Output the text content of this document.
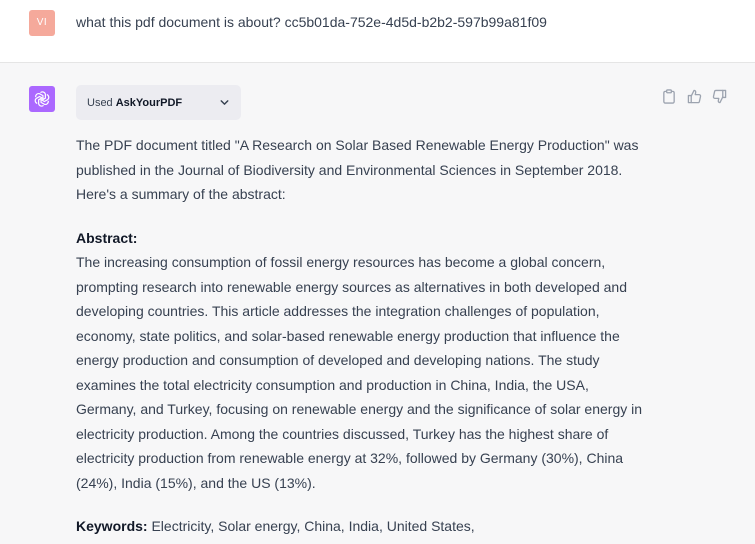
VI	what this pdf document is about? cc5b01da-752e-4d5d-b2b2-597b99a81f09
Used AskYourPDF

The PDF document titled "A Research on Solar Based Renewable Energy Production" was

published in the Journal of Biodiversity and Environmental Sciences in September 2018.

Here's a summary of the abstract:

Abstract:

The increasing consumption of fossil energy resources has become a global concern,

prompting research into renewable energy sources as alternatives in both developed and

developing countries. This article addresses the integration challenges of population,

economy, state politics, and solar-based renewable energy production that influence the

energy production and consumption of developed and developing nations. The study

examines the total electricity consumption and production in China, India, the USA,

Germany, and Turkey, focusing on renewable energy and the significance of solar energy in

electricity production. Among the countries discussed, Turkey has the highest share of

electricity production from renewable energy at 32%, followed by Germany (30%), China

(24%), India (15%), and the US (13%).

Keywords: Electricity, Solar energy, China, India, United States,
